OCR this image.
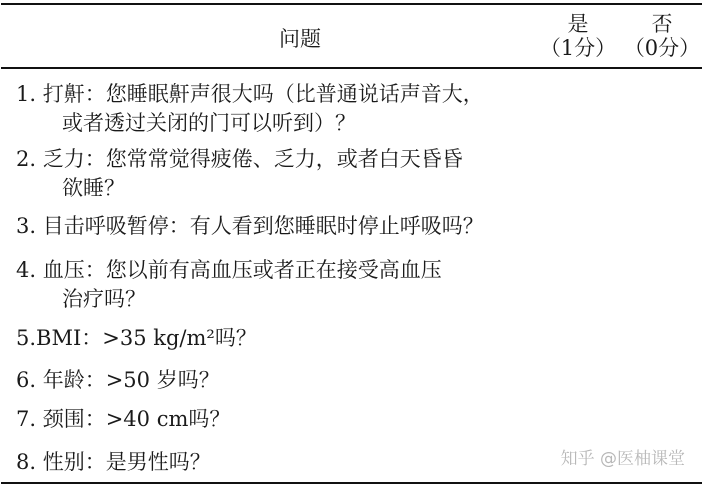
问题
是
（1分）
否
（0分）
1. 打鼾：您睡眠鼾声很大吗（比普通说话声音大，
或者透过关闭的门可以听到）？
2. 乏力：您常常觉得疲倦、乏力，或者白天昏昏
欲睡？
3. 目击呼吸暂停：有人看到您睡眠时停止呼吸吗？
4. 血压：您以前有高血压或者正在接受高血压
治疗吗？
5.BMI：>35 kg/m²吗？
6. 年龄：>50 岁吗？
7. 颈围：>40 cm吗？
8. 性别：是男性吗？	知乎 @医柚课堂
